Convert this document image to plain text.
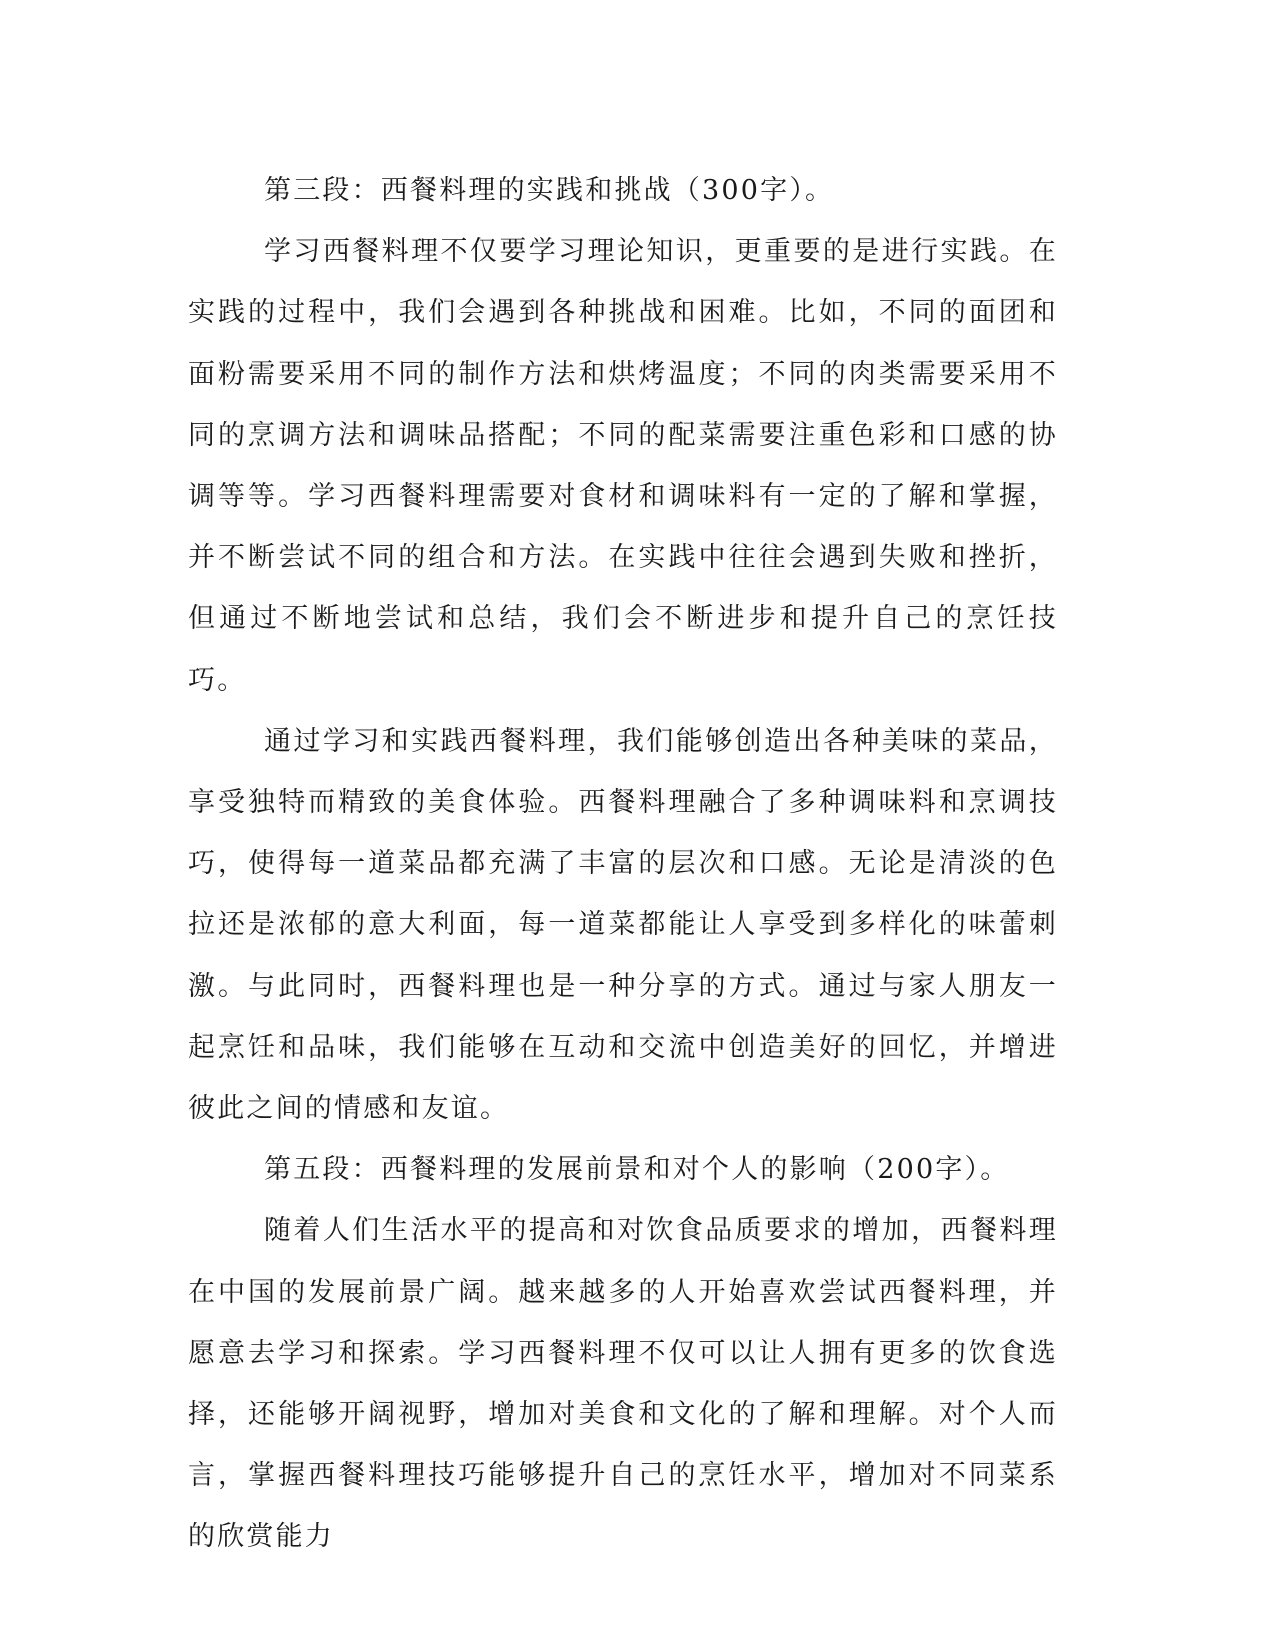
第三段：西餐料理的实践和挑战（300字）。

学习西餐料理不仅要学习理论知识，更重要的是进行实践。在实践的过程中，我们会遇到各种挑战和困难。比如，不同的面团和面粉需要采用不同的制作方法和烘烤温度；不同的肉类需要采用不同的烹调方法和调味品搭配；不同的配菜需要注重色彩和口感的协调等等。学习西餐料理需要对食材和调味料有一定的了解和掌握，并不断尝试不同的组合和方法。在实践中往往会遇到失败和挫折，但通过不断地尝试和总结，我们会不断进步和提升自己的烹饪技巧。

通过学习和实践西餐料理，我们能够创造出各种美味的菜品，享受独特而精致的美食体验。西餐料理融合了多种调味料和烹调技巧，使得每一道菜品都充满了丰富的层次和口感。无论是清淡的色拉还是浓郁的意大利面，每一道菜都能让人享受到多样化的味蕾刺激。与此同时，西餐料理也是一种分享的方式。通过与家人朋友一起烹饪和品味，我们能够在互动和交流中创造美好的回忆，并增进彼此之间的情感和友谊。

第五段：西餐料理的发展前景和对个人的影响（200字）。

随着人们生活水平的提高和对饮食品质要求的增加，西餐料理在中国的发展前景广阔。越来越多的人开始喜欢尝试西餐料理，并愿意去学习和探索。学习西餐料理不仅可以让人拥有更多的饮食选择，还能够开阔视野，增加对美食和文化的了解和理解。对个人而言，掌握西餐料理技巧能够提升自己的烹饪水平，增加对不同菜系的欣赏能力
